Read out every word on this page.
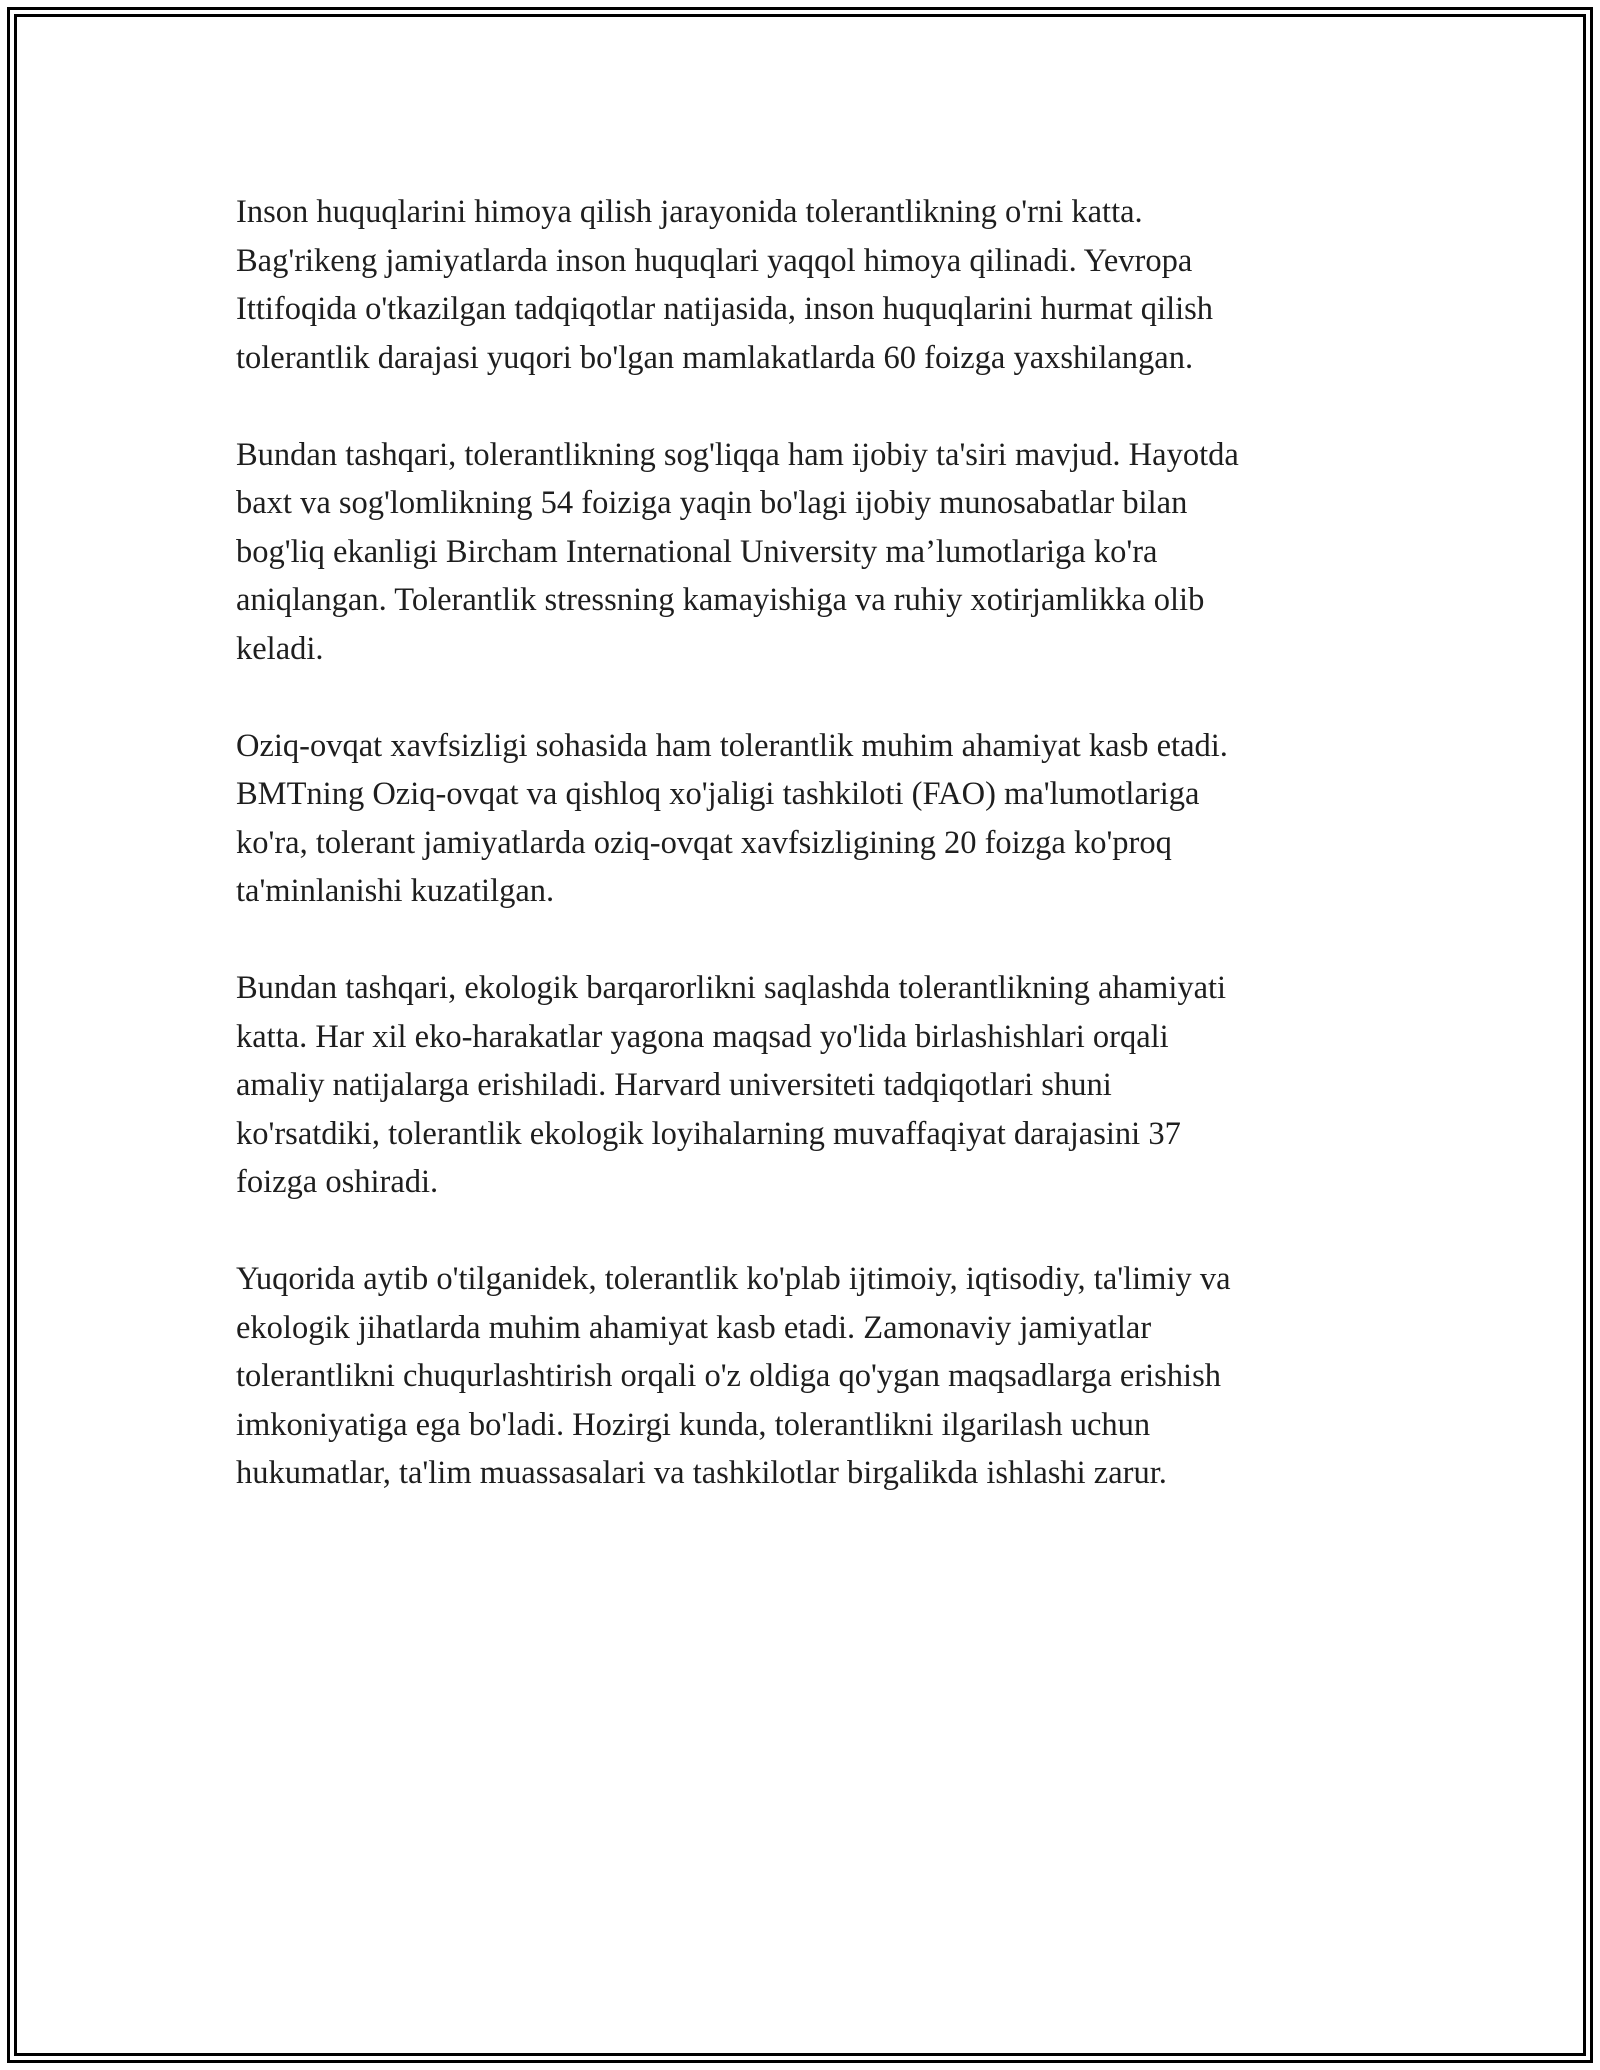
Inson huquqlarini himoya qilish jarayonida tolerantlikning o'rni katta.
Bag'rikeng jamiyatlarda inson huquqlari yaqqol himoya qilinadi. Yevropa
Ittifoqida o'tkazilgan tadqiqotlar natijasida, inson huquqlarini hurmat qilish
tolerantlik darajasi yuqori bo'lgan mamlakatlarda 60 foizga yaxshilangan.

Bundan tashqari, tolerantlikning sog'liqqa ham ijobiy ta'siri mavjud. Hayotda
baxt va sog'lomlikning 54 foiziga yaqin bo'lagi ijobiy munosabatlar bilan
bog'liq ekanligi Bircham International University ma’lumotlariga ko'ra
aniqlangan. Tolerantlik stressning kamayishiga va ruhiy xotirjamlikka olib
keladi.

Oziq-ovqat xavfsizligi sohasida ham tolerantlik muhim ahamiyat kasb etadi.
BMTning Oziq-ovqat va qishloq xo'jaligi tashkiloti (FAO) ma'lumotlariga
ko'ra, tolerant jamiyatlarda oziq-ovqat xavfsizligining 20 foizga ko'proq
ta'minlanishi kuzatilgan.

Bundan tashqari, ekologik barqarorlikni saqlashda tolerantlikning ahamiyati
katta. Har xil eko-harakatlar yagona maqsad yo'lida birlashishlari orqali
amaliy natijalarga erishiladi. Harvard universiteti tadqiqotlari shuni
ko'rsatdiki, tolerantlik ekologik loyihalarning muvaffaqiyat darajasini 37
foizga oshiradi.

Yuqorida aytib o'tilganidek, tolerantlik ko'plab ijtimoiy, iqtisodiy, ta'limiy va
ekologik jihatlarda muhim ahamiyat kasb etadi. Zamonaviy jamiyatlar
tolerantlikni chuqurlashtirish orqali o'z oldiga qo'ygan maqsadlarga erishish
imkoniyatiga ega bo'ladi. Hozirgi kunda, tolerantlikni ilgarilash uchun
hukumatlar, ta'lim muassasalari va tashkilotlar birgalikda ishlashi zarur.
